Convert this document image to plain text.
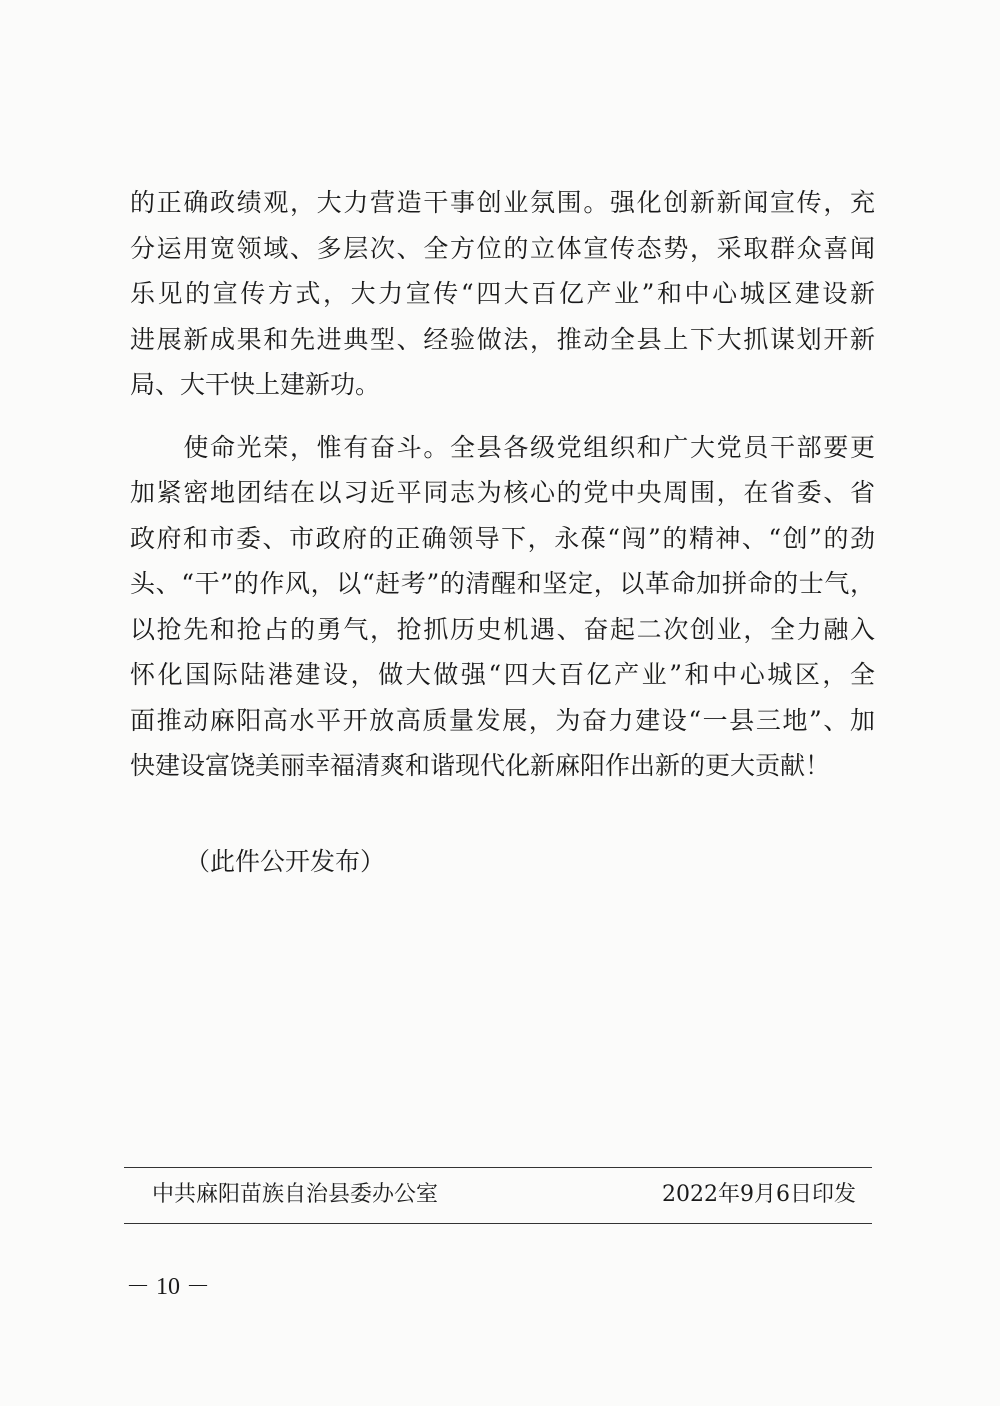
的正确政绩观，大力营造干事创业氛围。强化创新新闻宣传，充
分运用宽领域、多层次、全方位的立体宣传态势，采取群众喜闻
乐见的宣传方式，大力宣传“四大百亿产业”和中心城区建设新
进展新成果和先进典型、经验做法，推动全县上下大抓谋划开新
局、大干快上建新功。
　　使命光荣，惟有奋斗。全县各级党组织和广大党员干部要更
加紧密地团结在以习近平同志为核心的党中央周围，在省委、省
政府和市委、市政府的正确领导下，永葆“闯”的精神、“创”的劲
头、“干”的作风，以“赶考”的清醒和坚定，以革命加拼命的士气，
以抢先和抢占的勇气，抢抓历史机遇、奋起二次创业，全力融入
怀化国际陆港建设，做大做强“四大百亿产业”和中心城区，全
面推动麻阳高水平开放高质量发展，为奋力建设“一县三地”、加
快建设富饶美丽幸福清爽和谐现代化新麻阳作出新的更大贡献！
（此件公开发布）
中共麻阳苗族自治县委办公室	2022年9月6日印发
－ 10 －
